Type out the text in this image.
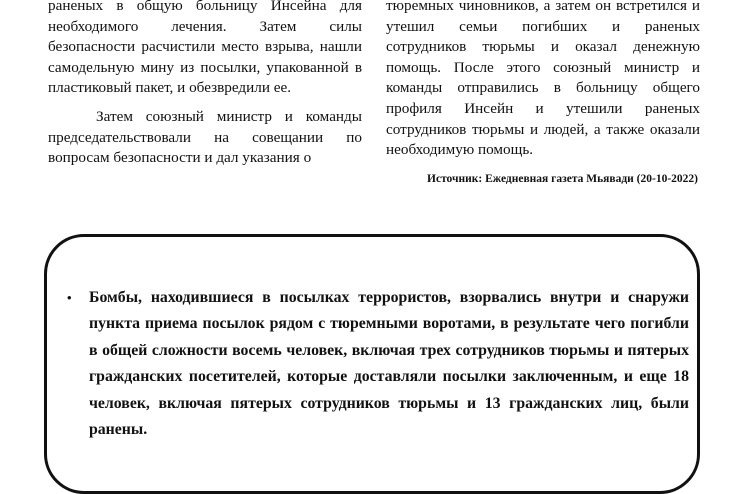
раненых в общую больницу Инсейна для необходимого лечения. Затем силы безопасности расчистили место взрыва, нашли самодельную мину из посылки, упакованной в пластиковый пакет, и обезвредили ее.

Затем союзный министр и команды председательствовали на совещании по вопросам безопасности и дал указания о

тюремных чиновников, а затем он встретился и утешил семьи погибших и раненых сотрудников тюрьмы и оказал денежную помощь. После этого союзный министр и команды отправились в больницу общего профиля Инсейн и утешили раненых сотрудников тюрьмы и людей, а также оказали необходимую помощь.

Источник: Ежедневная газета Мьявади (20-10-2022)

• Бомбы, находившиеся в посылках террористов, взорвались внутри и снаружи пункта приема посылок рядом с тюремными воротами, в результате чего погибли в общей сложности восемь человек, включая трех сотрудников тюрьмы и пятерых гражданских посетителей, которые доставляли посылки заключенным, и еще 18 человек, включая пятерых сотрудников тюрьмы и 13 гражданских лиц, были ранены.
